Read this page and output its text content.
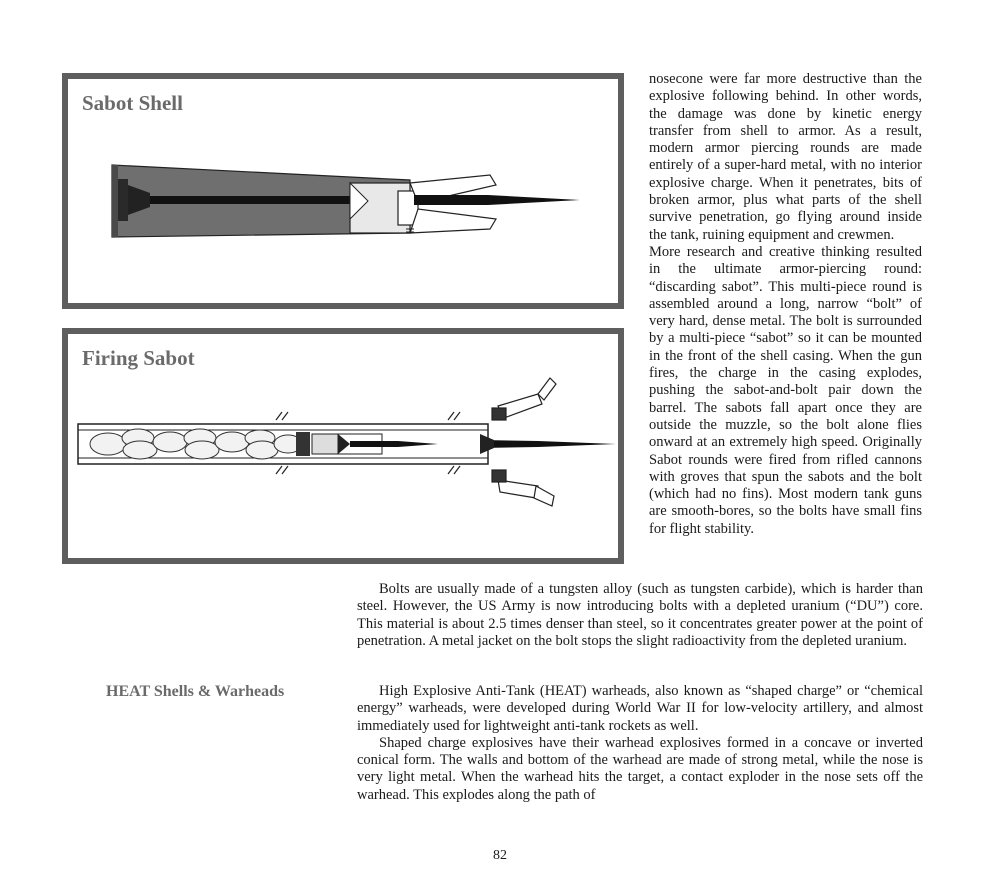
Sabot Shell
Firing Sabot

nosecone were far more destructive than the explosive following behind. In other words, the damage was done by kinetic energy transfer from shell to armor. As a result, modern armor piercing rounds are made entirely of a super-hard metal, with no interior explosive charge. When it penetrates, bits of broken armor, plus what parts of the shell survive penetration, go flying around inside the tank, ruining equipment and crewmen.

More research and creative thinking resulted in the ultimate armor-piercing round: “discarding sabot”. This multi-piece round is assembled around a long, narrow “bolt” of very hard, dense metal. The bolt is surrounded by a multi-piece “sabot” so it can be mounted in the front of the shell casing. When the gun fires, the charge in the casing explodes, pushing the sabot-and-bolt pair down the barrel. The sabots fall apart once they are outside the muzzle, so the bolt alone flies onward at an extremely high speed. Originally Sabot rounds were fired from rifled cannons with groves that spun the sabots and the bolt (which had no fins). Most modern tank guns are smooth-bores, so the bolts have small fins for flight stability.

Bolts are usually made of a tungsten alloy (such as tungsten carbide), which is harder than steel. However, the US Army is now introducing bolts with a depleted uranium (“DU”) core. This material is about 2.5 times denser than steel, so it concentrates greater power at the point of penetration. A metal jacket on the bolt stops the slight radioactivity from the depleted uranium.

HEAT Shells & Warheads	High Explosive Anti-Tank (HEAT) warheads, also known as “shaped charge” or “chemical energy” warheads, were developed during World War II for low-velocity artillery, and almost immediately used for lightweight anti-tank rockets as well.

Shaped charge explosives have their warhead explosives formed in a concave or inverted conical form. The walls and bottom of the warhead are made of strong metal, while the nose is very light metal. When the warhead hits the target, a contact exploder in the nose sets off the warhead. This explodes along the path of

82
